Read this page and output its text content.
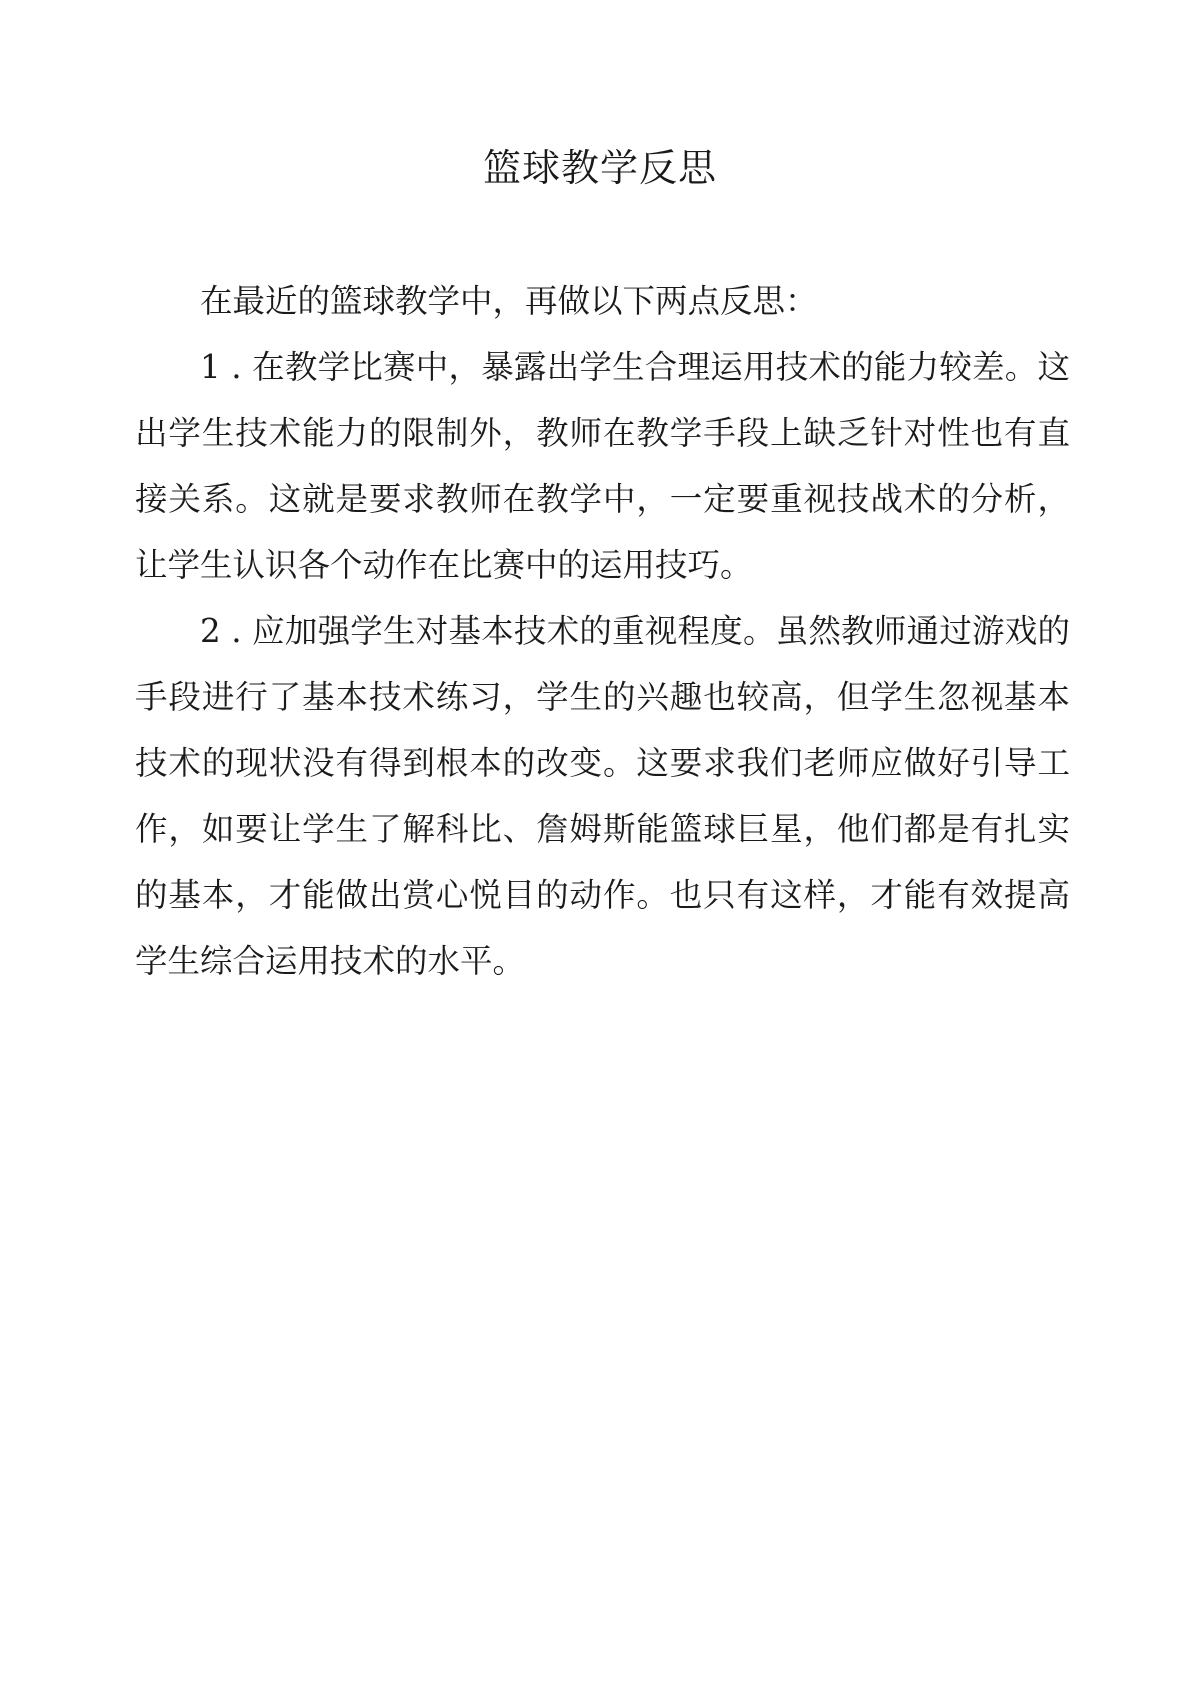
篮球教学反思

在最近的篮球教学中，再做以下两点反思：

1 . 在教学比赛中，暴露出学生合理运用技术的能力较差。这出学生技术能力的限制外，教师在教学手段上缺乏针对性也有直接关系。这就是要求教师在教学中，一定要重视技战术的分析，让学生认识各个动作在比赛中的运用技巧。

2 . 应加强学生对基本技术的重视程度。虽然教师通过游戏的手段进行了基本技术练习，学生的兴趣也较高，但学生忽视基本技术的现状没有得到根本的改变。这要求我们老师应做好引导工作，如要让学生了解科比、詹姆斯能篮球巨星，他们都是有扎实的基本，才能做出赏心悦目的动作。也只有这样，才能有效提高学生综合运用技术的水平。
